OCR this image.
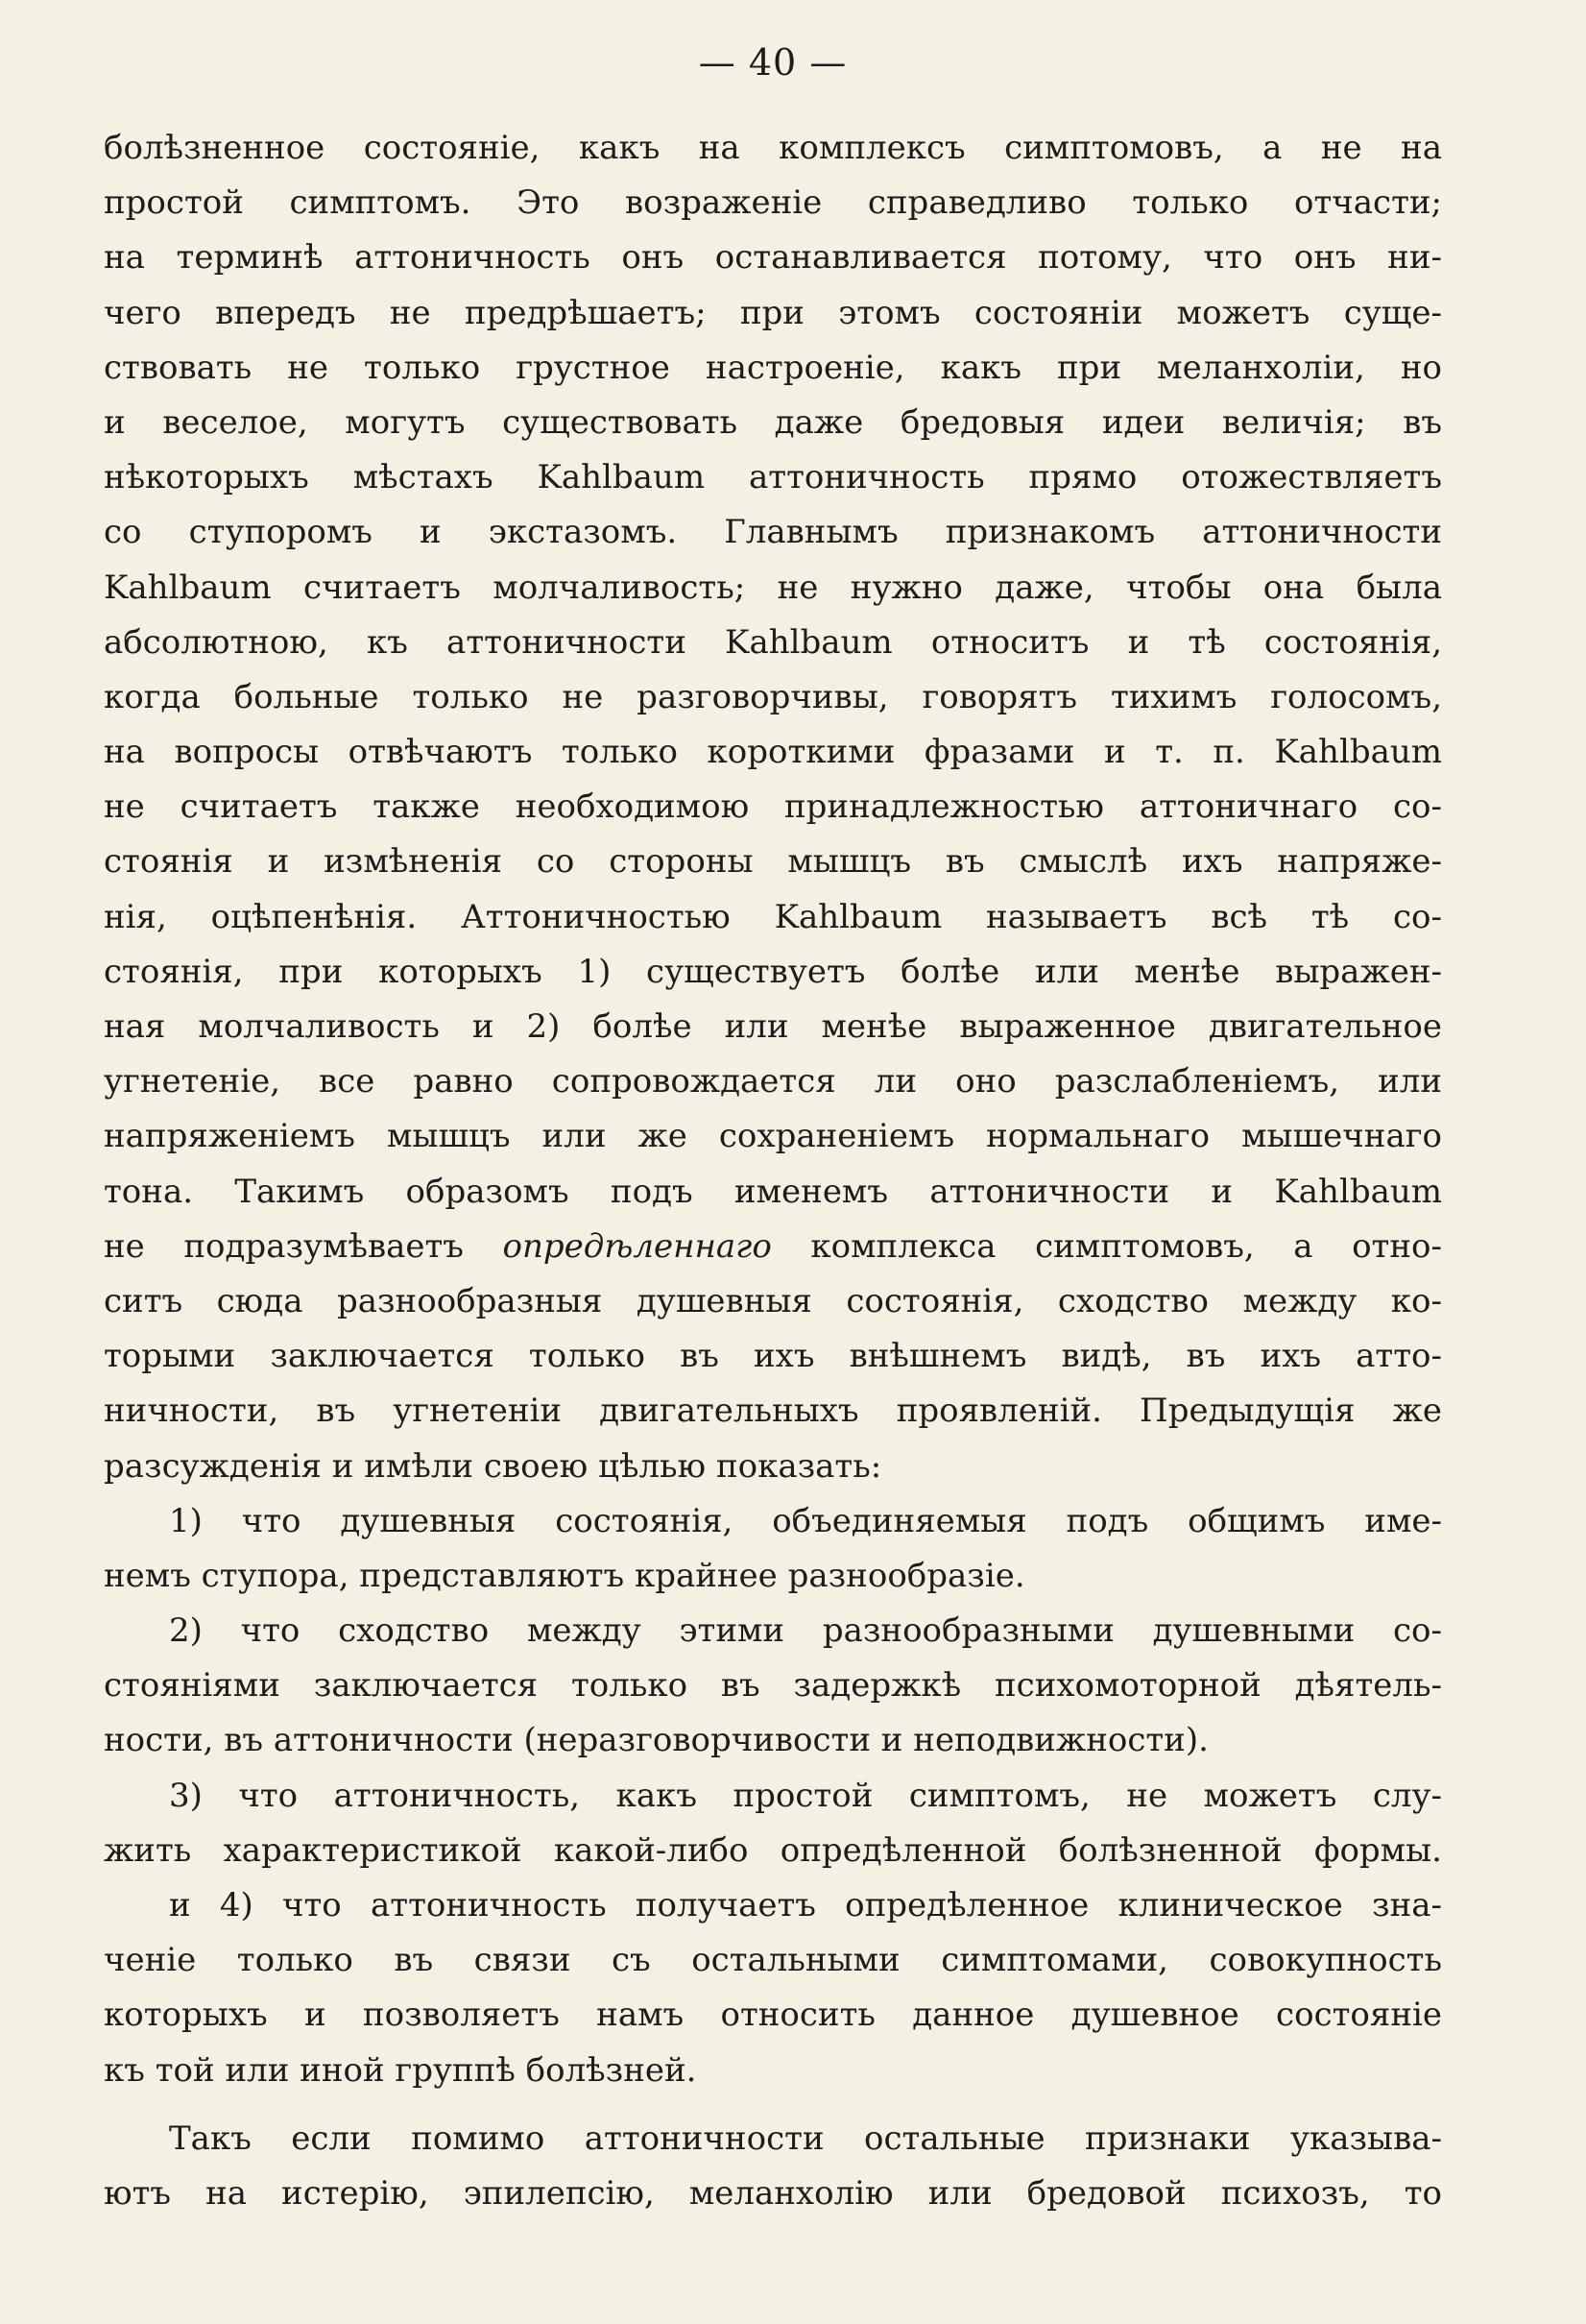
— 40 —
болѣзненное состояніе, какъ на комплексъ симптомовъ, а не на
простой симптомъ. Это возраженіе справедливо только отчасти;
на терминѣ аттоничность онъ останавливается потому, что онъ ни-
чего впередъ не предрѣшаетъ; при этомъ состояніи можетъ суще-
ствовать не только грустное настроеніе, какъ при меланхоліи, но
и веселое, могутъ существовать даже бредовыя идеи величія; въ
нѣкоторыхъ мѣстахъ Kahlbaum аттоничность прямо отожествляетъ
со ступоромъ и экстазомъ. Главнымъ признакомъ аттоничности
Kahlbaum считаетъ молчаливость; не нужно даже, чтобы она была
абсолютною, къ аттоничности Kahlbaum относитъ и тѣ состоянія,
когда больные только не разговорчивы, говорятъ тихимъ голосомъ,
на вопросы отвѣчаютъ только короткими фразами и т. п. Kahlbaum
не считаетъ также необходимою принадлежностью аттоничнаго со-
стоянія и измѣненія со стороны мышцъ въ смыслѣ ихъ напряже-
нія, оцѣпенѣнія. Аттоничностью Kahlbaum называетъ всѣ тѣ со-
стоянія, при которыхъ 1) существуетъ болѣе или менѣе выражен-
ная молчаливость и 2) болѣе или менѣе выраженное двигательное
угнетеніе, все равно сопровождается ли оно разслабленіемъ, или
напряженіемъ мышцъ или же сохраненіемъ нормальнаго мышечнаго
тона. Такимъ образомъ подъ именемъ аттоничности и Kahlbaum
не подразумѣваетъ опредѣленнаго комплекса симптомовъ, а отно-
ситъ сюда разнообразныя душевныя состоянія, сходство между ко-
торыми заключается только въ ихъ внѣшнемъ видѣ, въ ихъ атто-
ничности, въ угнетеніи двигательныхъ проявленій. Предыдущія же
разсужденія и имѣли своею цѣлью показать:
1) что душевныя состоянія, объединяемыя подъ общимъ име-
немъ ступора, представляютъ крайнее разнообразіе.
2) что сходство между этими разнообразными душевными со-
стояніями заключается только въ задержкѣ психомоторной дѣятель-
ности, въ аттоничности (неразговорчивости и неподвижности).
3) что аттоничность, какъ простой симптомъ, не можетъ слу-
жить характеристикой какой-либо опредѣленной болѣзненной формы.
и 4) что аттоничность получаетъ опредѣленное клиническое зна-
ченіе только въ связи съ остальными симптомами, совокупность
которыхъ и позволяетъ намъ относить данное душевное состояніе
къ той или иной группѣ болѣзней.
Такъ если помимо аттоничности остальные признаки указыва-
ютъ на истерію, эпилепсію, меланхолію или бредовой психозъ, то
